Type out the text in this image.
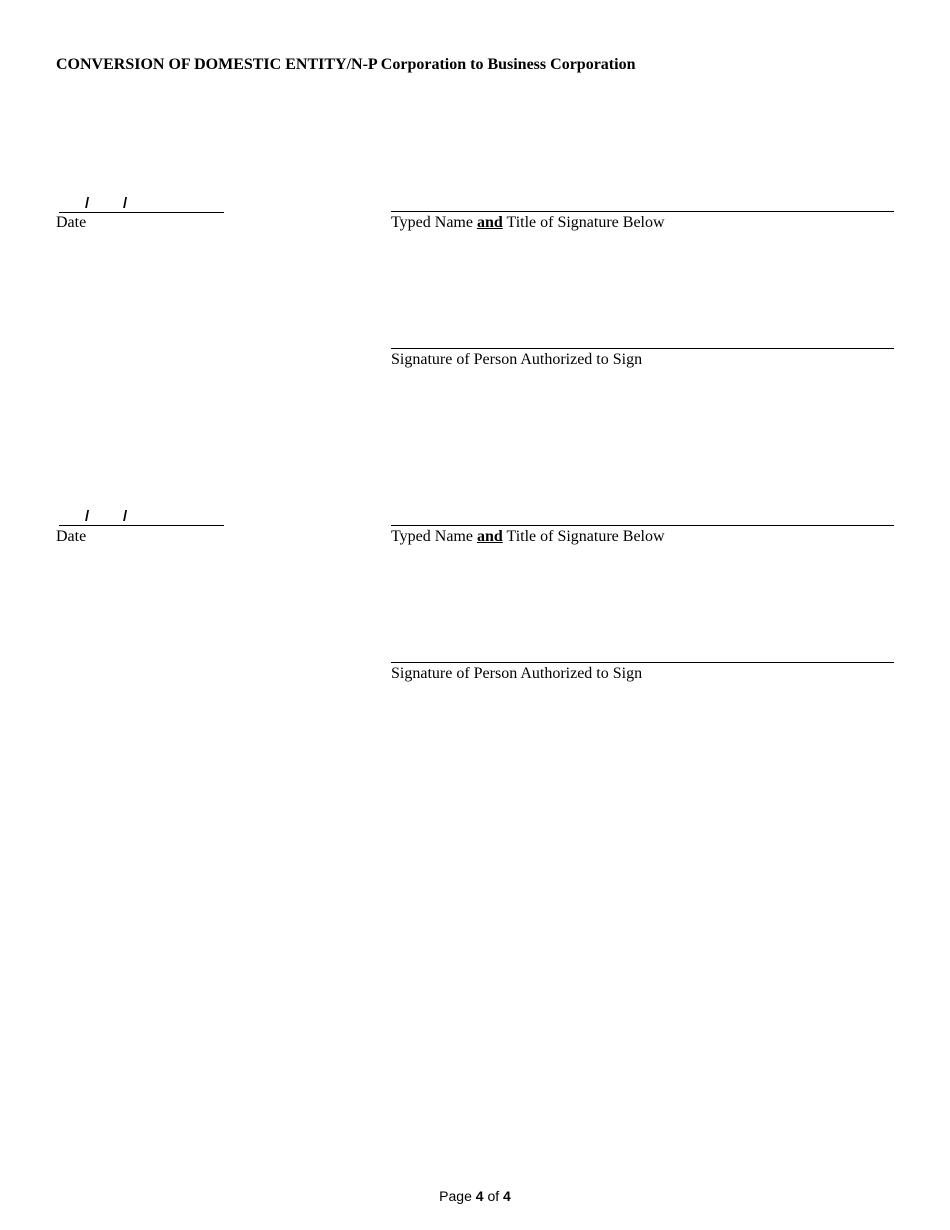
CONVERSION OF DOMESTIC ENTITY/N-P Corporation to Business Corporation
/ /
Date	Typed Name and Title of Signature Below
Signature of Person Authorized to Sign
/ /
Date	Typed Name and Title of Signature Below
Signature of Person Authorized to Sign
Page 4 of 4
